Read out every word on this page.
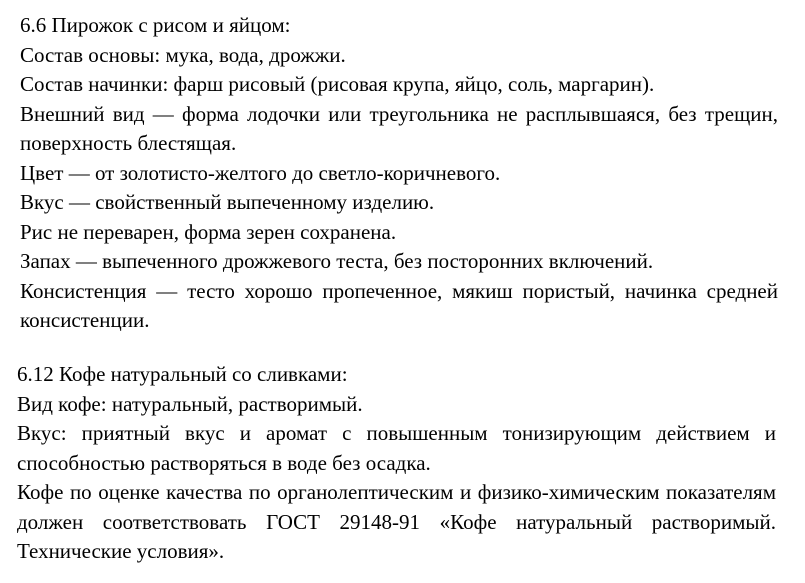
6.6 Пирожок с рисом и яйцом:

Состав основы: мука, вода, дрожжи.

Состав начинки: фарш рисовый (рисовая крупа, яйцо, соль, маргарин).

Внешний вид — форма лодочки или треугольника не расплывшаяся, без трещин, поверхность блестящая.

Цвет — от золотисто-желтого до светло-коричневого.

Вкус — свойственный выпеченному изделию.

Рис не переварен, форма зерен сохранена.

Запах — выпеченного дрожжевого теста, без посторонних включений.

Консистенция — тесто хорошо пропеченное, мякиш пористый, начинка средней консистенции.

6.12 Кофе натуральный со сливками:

Вид кофе: натуральный, растворимый.

Вкус: приятный вкус и аромат с повышенным тонизирующим действием и способностью растворяться в воде без осадка.

Кофе по оценке качества по органолептическим и физико-химическим показателям должен соответствовать ГОСТ 29148-91 «Кофе натуральный растворимый. Технические условия».
